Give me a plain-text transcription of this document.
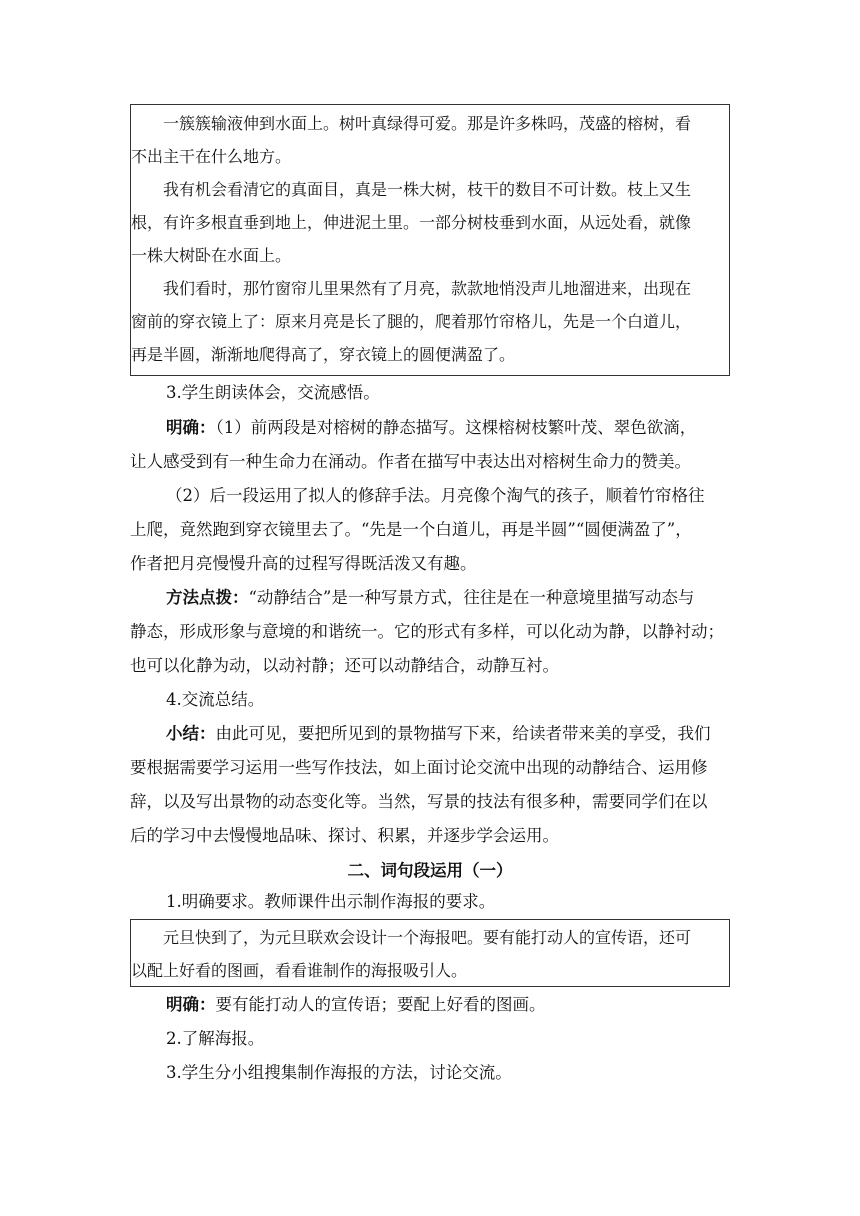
　　一簇簇输液伸到水面上。树叶真绿得可爱。那是许多株吗，茂盛的榕树，看
不出主干在什么地方。
　　我有机会看清它的真面目，真是一株大树，枝干的数目不可计数。枝上又生
根，有许多根直垂到地上，伸进泥土里。一部分树枝垂到水面，从远处看，就像
一株大树卧在水面上。
　　我们看时，那竹窗帘儿里果然有了月亮，款款地悄没声儿地溜进来，出现在
窗前的穿衣镜上了：原来月亮是长了腿的，爬着那竹帘格儿，先是一个白道儿，
再是半圆，渐渐地爬得高了，穿衣镜上的圆便满盈了。
3.学生朗读体会，交流感悟。
明确：（1）前两段是对榕树的静态描写。这棵榕树枝繁叶茂、翠色欲滴，
让人感受到有一种生命力在涌动。作者在描写中表达出对榕树生命力的赞美。
（2）后一段运用了拟人的修辞手法。月亮像个淘气的孩子，顺着竹帘格往
上爬，竟然跑到穿衣镜里去了。“先是一个白道儿，再是半圆”“圆便满盈了”，
作者把月亮慢慢升高的过程写得既活泼又有趣。
方法点拨：“动静结合”是一种写景方式，往往是在一种意境里描写动态与
静态，形成形象与意境的和谐统一。它的形式有多样，可以化动为静，以静衬动；
也可以化静为动，以动衬静；还可以动静结合，动静互衬。
4.交流总结。
小结：由此可见，要把所见到的景物描写下来，给读者带来美的享受，我们
要根据需要学习运用一些写作技法，如上面讨论交流中出现的动静结合、运用修
辞，以及写出景物的动态变化等。当然，写景的技法有很多种，需要同学们在以
后的学习中去慢慢地品味、探讨、积累，并逐步学会运用。
二、词句段运用（一）
1.明确要求。教师课件出示制作海报的要求。
　　元旦快到了，为元旦联欢会设计一个海报吧。要有能打动人的宣传语，还可
以配上好看的图画，看看谁制作的海报吸引人。
明确：要有能打动人的宣传语；要配上好看的图画。
2.了解海报。
3.学生分小组搜集制作海报的方法，讨论交流。
